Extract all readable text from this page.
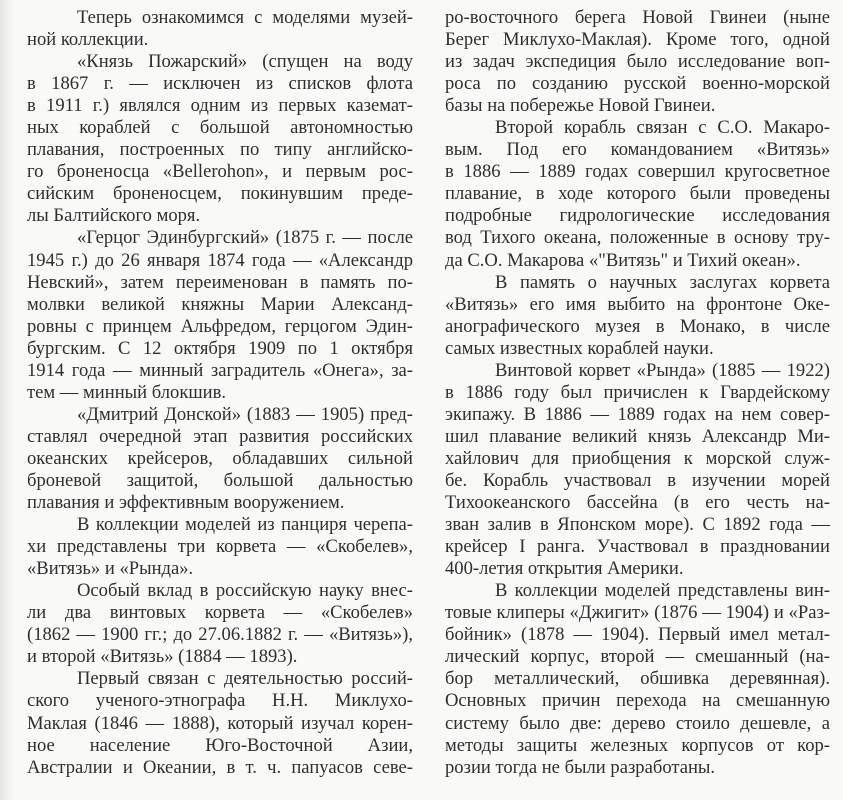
Теперь ознакомимся с моделями музей-
ной коллекции.
«Князь Пожарский» (спущен на воду
в 1867 г. — исключен из списков флота
в 1911 г.) являлся одним из первых каземат-
ных кораблей с большой автономностью
плавания, построенных по типу английско-
го броненосца «Bellerohon», и первым рос-
сийским броненосцем, покинувшим преде-
лы Балтийского моря.
«Герцог Эдинбургский» (1875 г. — после
1945 г.) до 26 января 1874 года — «Александр
Невский», затем переименован в память по-
молвки великой княжны Марии Александ-
ровны с принцем Альфредом, герцогом Эдин-
бургским. С 12 октября 1909 по 1 октября
1914 года — минный заградитель «Онега», за-
тем — минный блокшив.
«Дмитрий Донской» (1883 — 1905) пред-
ставлял очередной этап развития российских
океанских крейсеров, обладавших сильной
броневой защитой, большой дальностью
плавания и эффективным вооружением.
В коллекции моделей из панциря черепа-
хи представлены три корвета — «Скобелев»,
«Витязь» и «Рында».
Особый вклад в российскую науку внес-
ли два винтовых корвета — «Скобелев»
(1862 — 1900 гг.; до 27.06.1882 г. — «Витязь»),
и второй «Витязь» (1884 — 1893).
Первый связан с деятельностью россий-
ского ученого-этнографа Н.Н. Миклухо-
Маклая (1846 — 1888), который изучал корен-
ное население Юго-Восточной Азии,
Австралии и Океании, в т. ч. папуасов севе-
ро-восточного берега Новой Гвинеи (ныне
Берег Миклухо-Маклая). Кроме того, одной
из задач экспедиция было исследование воп-
роса по созданию русской военно-морской
базы на побережье Новой Гвинеи.
Второй корабль связан с С.О. Макаро-
вым. Под его командованием «Витязь»
в 1886 — 1889 годах совершил кругосветное
плавание, в ходе которого были проведены
подробные гидрологические исследования
вод Тихого океана, положенные в основу тру-
да С.О. Макарова «"Витязь" и Тихий океан».
В память о научных заслугах корвета
«Витязь» его имя выбито на фронтоне Оке-
анографического музея в Монако, в числе
самых известных кораблей науки.
Винтовой корвет «Рында» (1885 — 1922)
в 1886 году был причислен к Гвардейскому
экипажу. В 1886 — 1889 годах на нем совер-
шил плавание великий князь Александр Ми-
хайлович для приобщения к морской служ-
бе. Корабль участвовал в изучении морей
Тихоокеанского бассейна (в его честь на-
зван залив в Японском море). С 1892 года —
крейсер I ранга. Участвовал в праздновании
400-летия открытия Америки.
В коллекции моделей представлены вин-
товые клиперы «Джигит» (1876 — 1904) и «Раз-
бойник» (1878 — 1904). Первый имел метал-
лический корпус, второй — смешанный (на-
бор металлический, обшивка деревянная).
Основных причин перехода на смешанную
систему было две: дерево стоило дешевле, а
методы защиты железных корпусов от кор-
розии тогда не были разработаны.
